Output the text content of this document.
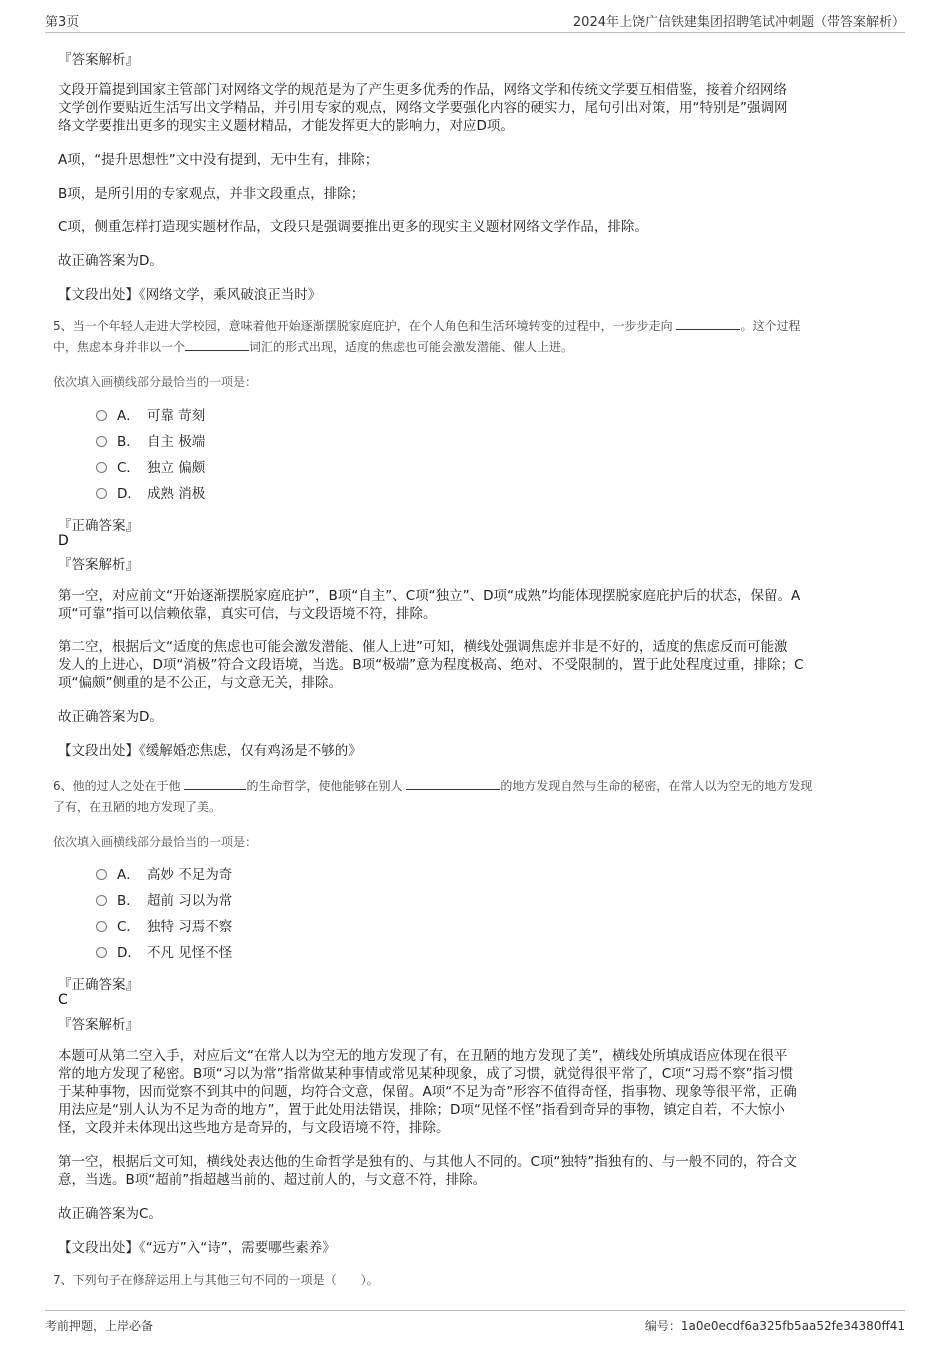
第3页	2024年上饶广信铁建集团招聘笔试冲刺题（带答案解析）
『答案解析』
文段开篇提到国家主管部门对网络文学的规范是为了产生更多优秀的作品，网络文学和传统文学要互相借鉴，接着介绍网络
文学创作要贴近生活写出文学精品，并引用专家的观点，网络文学要强化内容的硬实力，尾句引出对策，用“特别是”强调网
络文学要推出更多的现实主义题材精品，才能发挥更大的影响力，对应D项。
A项，“提升思想性”文中没有提到，无中生有，排除；
B项，是所引用的专家观点，并非文段重点，排除；
C项，侧重怎样打造现实题材作品，文段只是强调要推出更多的现实主义题材网络文学作品，排除。
故正确答案为D。
【文段出处】《网络文学，乘风破浪正当时》
5、当一个年轻人走进大学校园，意味着他开始逐渐摆脱家庭庇护，在个人角色和生活环境转变的过程中，一步步走向	。这个过程
中，焦虑本身并非以一个	词汇的形式出现，适度的焦虑也可能会激发潜能、催人上进。
依次填入画横线部分最恰当的一项是：
A． 可靠 苛刻
B． 自主 极端
C． 独立 偏颇
D． 成熟 消极
『正确答案』
D
『答案解析』
第一空，对应前文“开始逐渐摆脱家庭庇护”，B项“自主”、C项“独立”、D项“成熟”均能体现摆脱家庭庇护后的状态，保留。A
项“可靠”指可以信赖依靠，真实可信，与文段语境不符，排除。
第二空，根据后文“适度的焦虑也可能会激发潜能、催人上进”可知，横线处强调焦虑并非是不好的，适度的焦虑反而可能激
发人的上进心，D项“消极”符合文段语境，当选。B项“极端”意为程度极高、绝对、不受限制的，置于此处程度过重，排除；C
项“偏颇”侧重的是不公正，与文意无关，排除。
故正确答案为D。
【文段出处】《缓解婚恋焦虑，仅有鸡汤是不够的》
6、他的过人之处在于他	的生命哲学，使他能够在别人	的地方发现自然与生命的秘密，在常人以为空无的地方发现
了有，在丑陋的地方发现了美。
依次填入画横线部分最恰当的一项是：
A． 高妙 不足为奇
B． 超前 习以为常
C． 独特 习焉不察
D． 不凡 见怪不怪
『正确答案』
C
『答案解析』
本题可从第二空入手，对应后文“在常人以为空无的地方发现了有，在丑陋的地方发现了美”，横线处所填成语应体现在很平
常的地方发现了秘密。B项“习以为常”指常做某种事情或常见某种现象，成了习惯，就觉得很平常了，C项“习焉不察”指习惯
于某种事物，因而觉察不到其中的问题，均符合文意，保留。A项“不足为奇”形容不值得奇怪，指事物、现象等很平常，正确
用法应是“别人认为不足为奇的地方”，置于此处用法错误，排除；D项“见怪不怪”指看到奇异的事物，镇定自若，不大惊小
怪，文段并未体现出这些地方是奇异的，与文段语境不符，排除。
第一空，根据后文可知，横线处表达他的生命哲学是独有的、与其他人不同的。C项“独特”指独有的、与一般不同的，符合文
意，当选。B项“超前”指超越当前的、超过前人的，与文意不符，排除。
故正确答案为C。
【文段出处】《“远方”入“诗”，需要哪些素养》
7、下列句子在修辞运用上与其他三句不同的一项是（　　）。
考前押题，上岸必备	编号：1a0e0ecdf6a325fb5aa52fe34380ff41
